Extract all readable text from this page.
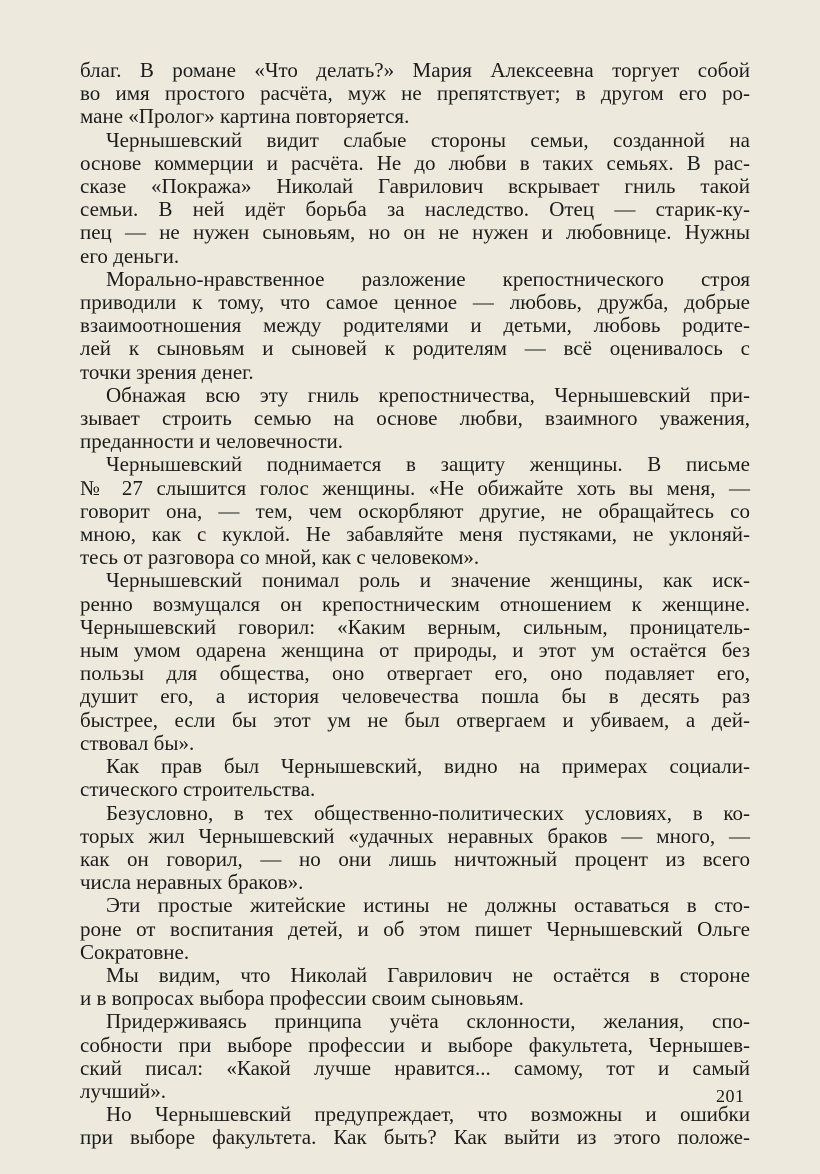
благ. В романе «Что делать?» Мария Алексеевна торгует собой
во имя простого расчёта, муж не препятствует; в другом его ро-
мане «Пролог» картина повторяется.

Чернышевский видит слабые стороны семьи, созданной на
основе коммерции и расчёта. Не до любви в таких семьях. В рас-
сказе «Покража» Николай Гаврилович вскрывает гниль такой
семьи. В ней идёт борьба за наследство. Отец — старик-ку-
пец — не нужен сыновьям, но он не нужен и любовнице. Нужны
его деньги.

Морально-нравственное разложение крепостнического строя
приводили к тому, что самое ценное — любовь, дружба, добрые
взаимоотношения между родителями и детьми, любовь родите-
лей к сыновьям и сыновей к родителям — всё оценивалось с
точки зрения денег.

Обнажая всю эту гниль крепостничества, Чернышевский при-
зывает строить семью на основе любви, взаимного уважения,
преданности и человечности.

Чернышевский поднимается в защиту женщины. В письме
№ 27 слышится голос женщины. «Не обижайте хоть вы меня, —
говорит она, — тем, чем оскорбляют другие, не обращайтесь со
мною, как с куклой. Не забавляйте меня пустяками, не уклоняй-
тесь от разговора со мной, как с человеком».

Чернышевский понимал роль и значение женщины, как иск-
ренно возмущался он крепостническим отношением к женщине.
Чернышевский говорил: «Каким верным, сильным, проницатель-
ным умом одарена женщина от природы, и этот ум остаётся без
пользы для общества, оно отвергает его, оно подавляет его,
душит его, а история человечества пошла бы в десять раз
быстрее, если бы этот ум не был отвергаем и убиваем, а дей-
ствовал бы».

Как прав был Чернышевский, видно на примерах социали-
стического строительства.

Безусловно, в тех общественно-политических условиях, в ко-
торых жил Чернышевский «удачных неравных браков — много, —
как он говорил, — но они лишь ничтожный процент из всего
числа неравных браков».

Эти простые житейские истины не должны оставаться в сто-
роне от воспитания детей, и об этом пишет Чернышевский Ольге
Сократовне.

Мы видим, что Николай Гаврилович не остаётся в стороне
и в вопросах выбора профессии своим сыновьям.

Придерживаясь принципа учёта склонности, желания, спо-
собности при выборе профессии и выборе факультета, Чернышев-
ский писал: «Какой лучше нравится... самому, тот и самый
лучший».

Но Чернышевский предупреждает, что возможны и ошибки
при выборе факультета. Как быть? Как выйти из этого положе-

201
